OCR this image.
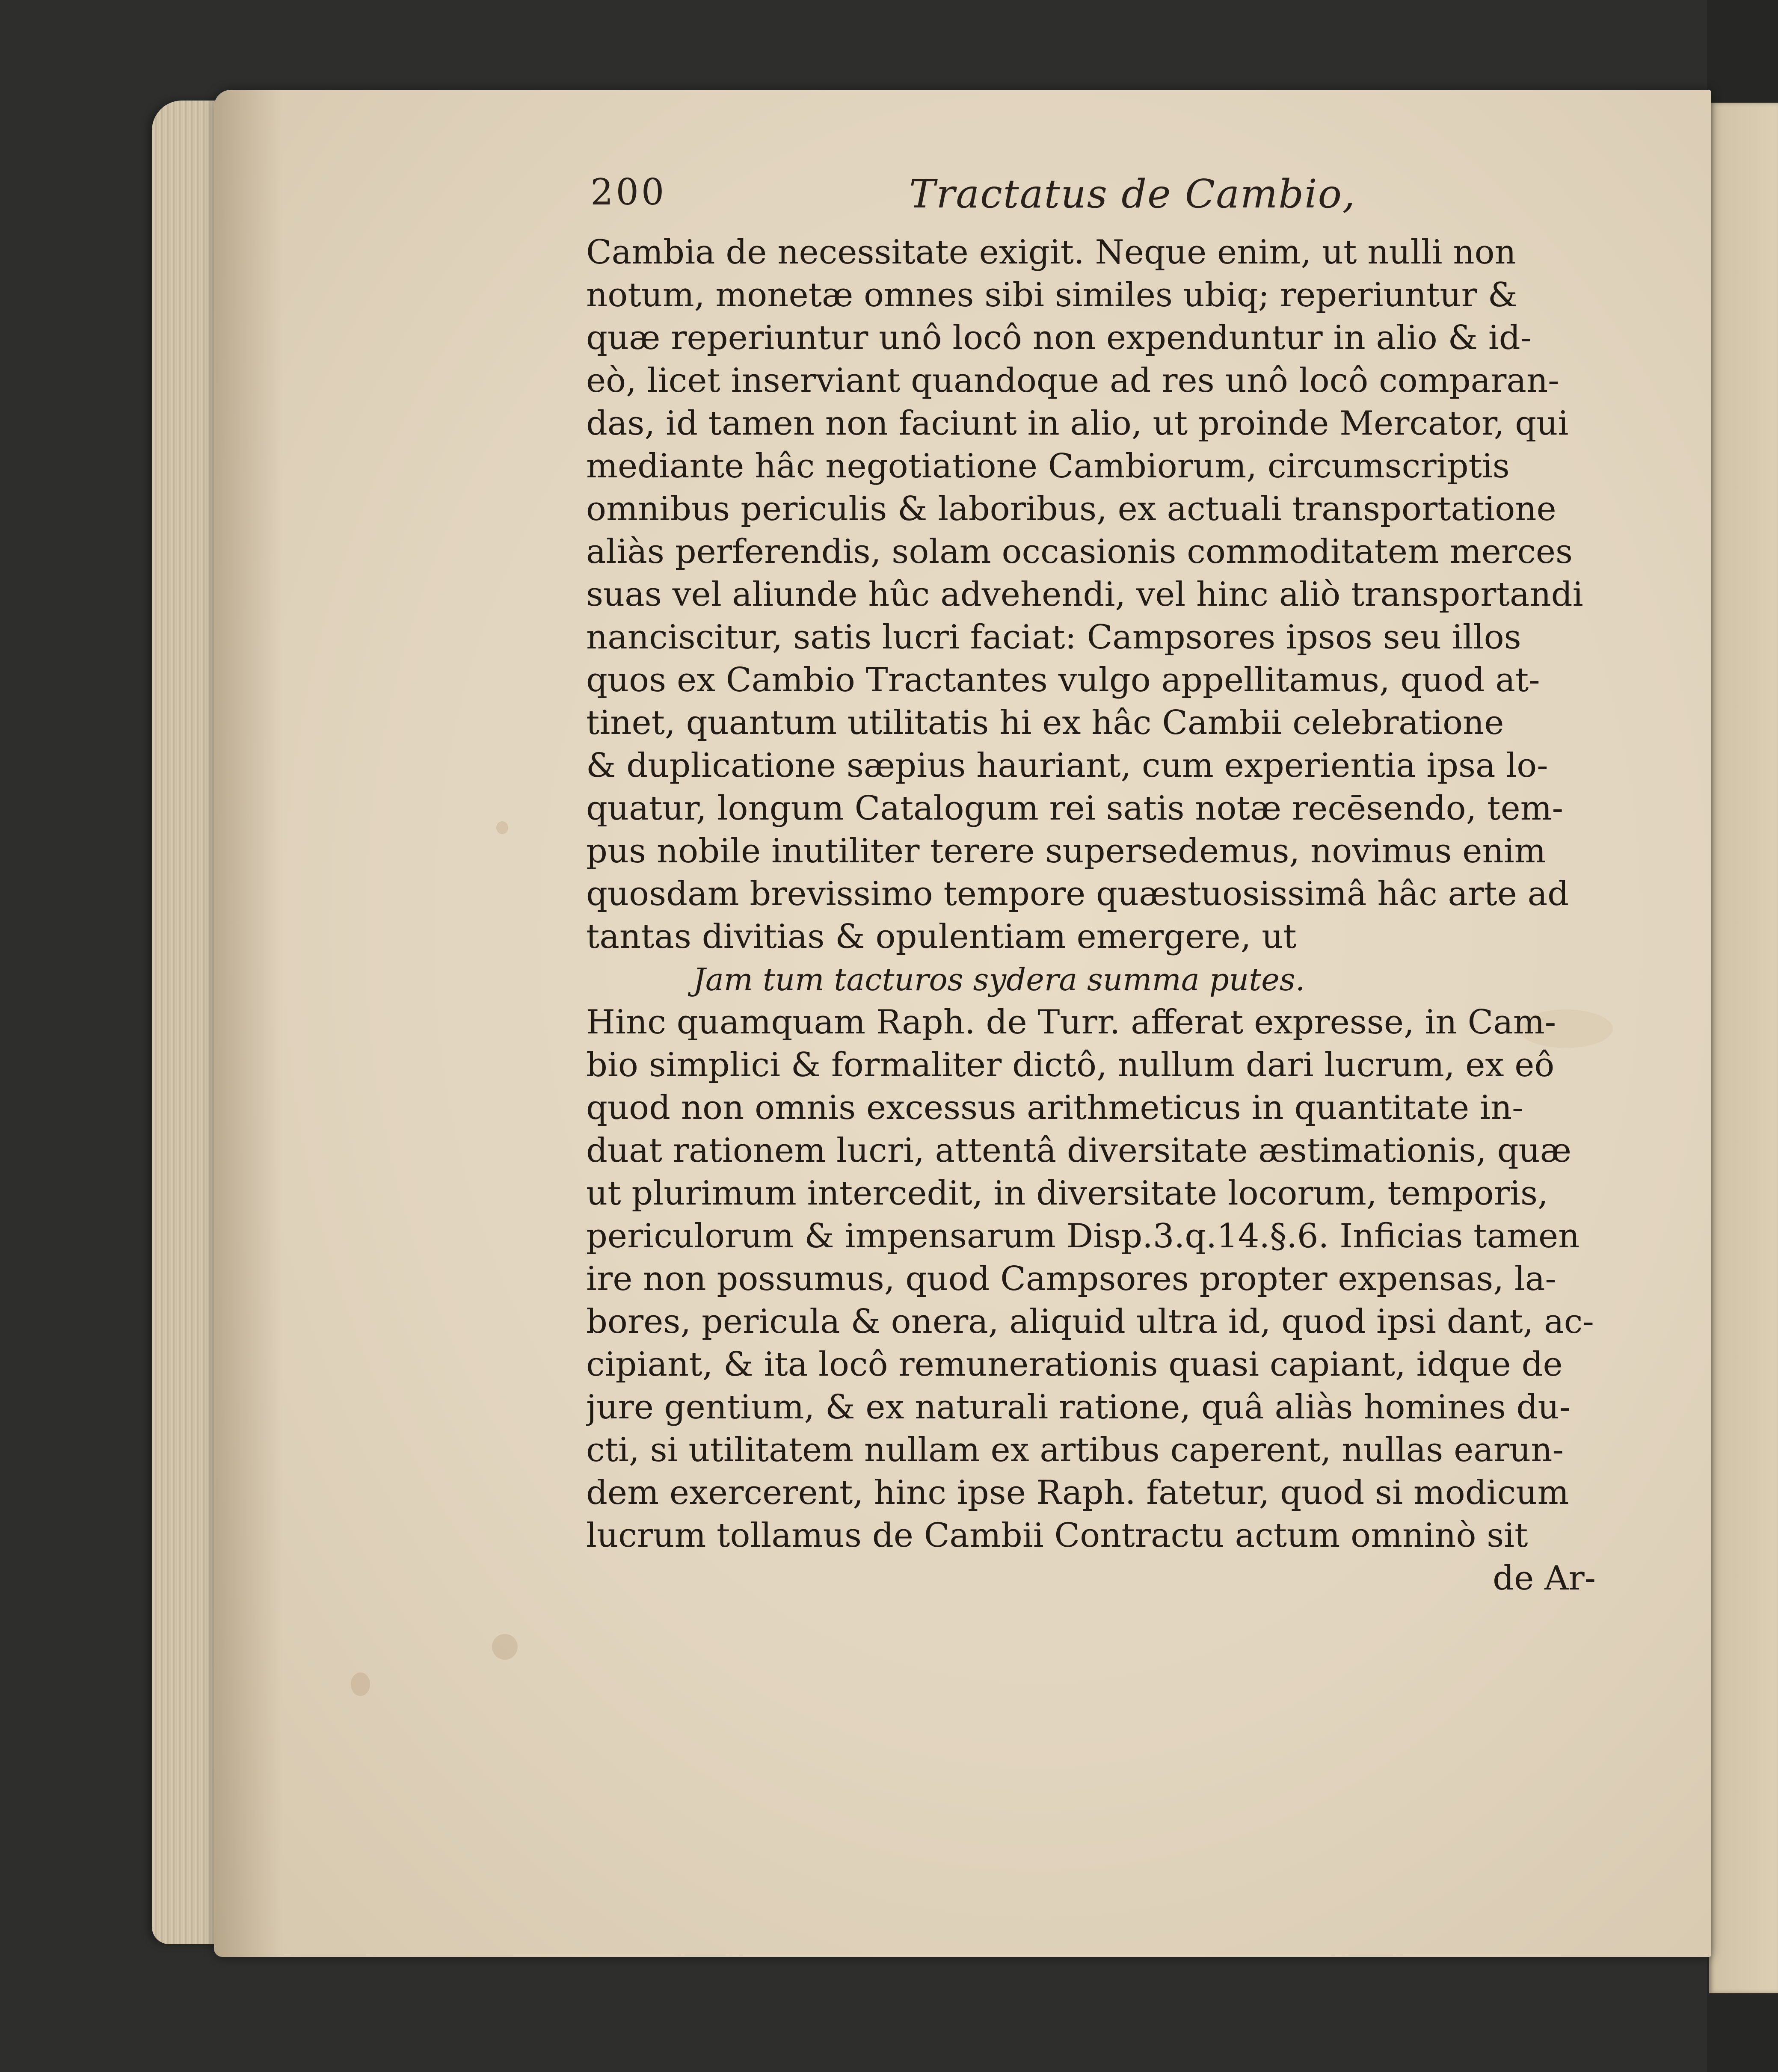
200	Tractatus de Cambio,
Cambia de necessitate exigit. Neque enim, ut nulli non
notum, monetæ omnes sibi similes ubiq; reperiuntur &
quæ reperiuntur unô locô non expenduntur in alio & id-
eò, licet inserviant quandoque ad res unô locô comparan-
das, id tamen non faciunt in alio, ut proinde Mercator, qui
mediante hâc negotiatione Cambiorum, circumscriptis
omnibus periculis & laboribus, ex actuali transportatione
aliàs perferendis, solam occasionis commoditatem merces
suas vel aliunde hûc advehendi, vel hinc aliò transportandi
nanciscitur, satis lucri faciat: Campsores ipsos seu illos
quos ex Cambio Tractantes vulgo appellitamus, quod at-
tinet, quantum utilitatis hi ex hâc Cambii celebratione
& duplicatione sæpius hauriant, cum experientia ipsa lo-
quatur, longum Catalogum rei satis notæ recēsendo, tem-
pus nobile inutiliter terere supersedemus, novimus enim
quosdam brevissimo tempore quæstuosissimâ hâc arte ad
tantas divitias & opulentiam emergere, ut
Jam tum tacturos sydera summa putes.
Hinc quamquam Raph. de Turr. afferat expresse, in Cam-
bio simplici & formaliter dictô, nullum dari lucrum, ex eô
quod non omnis excessus arithmeticus in quantitate in-
duat rationem lucri, attentâ diversitate æstimationis, quæ
ut plurimum intercedit, in diversitate locorum, temporis,
periculorum & impensarum Disp.3.q.14.§.6. Inficias tamen
ire non possumus, quod Campsores propter expensas, la-
bores, pericula & onera, aliquid ultra id, quod ipsi dant, ac-
cipiant, & ita locô remunerationis quasi capiant, idque de
jure gentium, & ex naturali ratione, quâ aliàs homines du-
cti, si utilitatem nullam ex artibus caperent, nullas earun-
dem exercerent, hinc ipse Raph. fatetur, quod si modicum
lucrum tollamus de Cambii Contractu actum omninò sit
de Ar-
